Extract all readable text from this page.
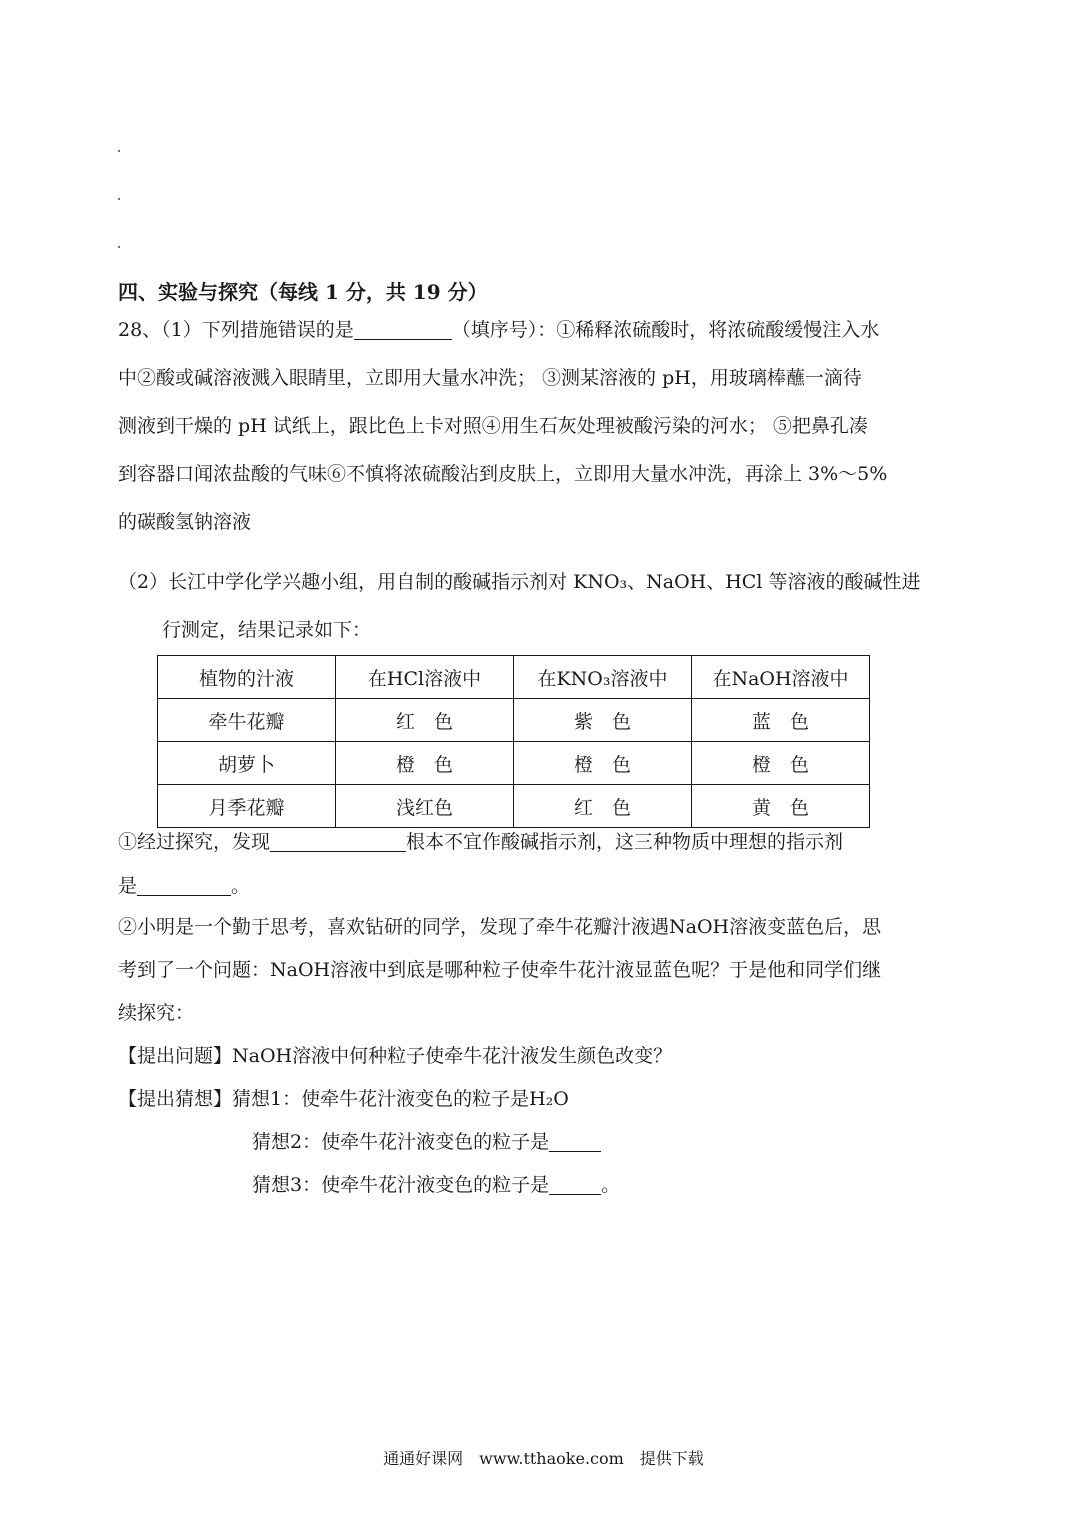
四、实验与探究（每线 1 分，共 19 分）
28、（1）下列措施错误的是	（填序号）：①稀释浓硫酸时，将浓硫酸缓慢注入水
中②酸或碱溶液溅入眼睛里，立即用大量水冲洗； ③测某溶液的 pH，用玻璃棒蘸一滴待
测液到干燥的 pH 试纸上，跟比色上卡对照④用生石灰处理被酸污染的河水； ⑤把鼻孔凑
到容器口闻浓盐酸的气味⑥不慎将浓硫酸沾到皮肤上，立即用大量水冲洗，再涂上 3%～5%
的碳酸氢钠溶液
（2）长江中学化学兴趣小组，用自制的酸碱指示剂对 KNO₃、NaOH、HCl 等溶液的酸碱性进
行测定，结果记录如下：
植物的汁液	在HCl溶液中	在KNO₃溶液中	在NaOH溶液中
牵牛花瓣	红　色	紫　色	蓝　色
胡萝卜	橙　色	橙　色	橙　色
月季花瓣	浅红色	红　色	黄　色
①经过探究，发现	根本不宜作酸碱指示剂，这三种物质中理想的指示剂
是	。
②小明是一个勤于思考，喜欢钻研的同学，发现了牵牛花瓣汁液遇NaOH溶液变蓝色后，思
考到了一个问题：NaOH溶液中到底是哪种粒子使牵牛花汁液显蓝色呢？于是他和同学们继
续探究：
【提出问题】NaOH溶液中何种粒子使牵牛花汁液发生颜色改变？
【提出猜想】猜想1：使牵牛花汁液变色的粒子是H₂O
猜想2：使牵牛花汁液变色的粒子是
猜想3：使牵牛花汁液变色的粒子是	。
通通好课网　www.tthaoke.com　提供下载
